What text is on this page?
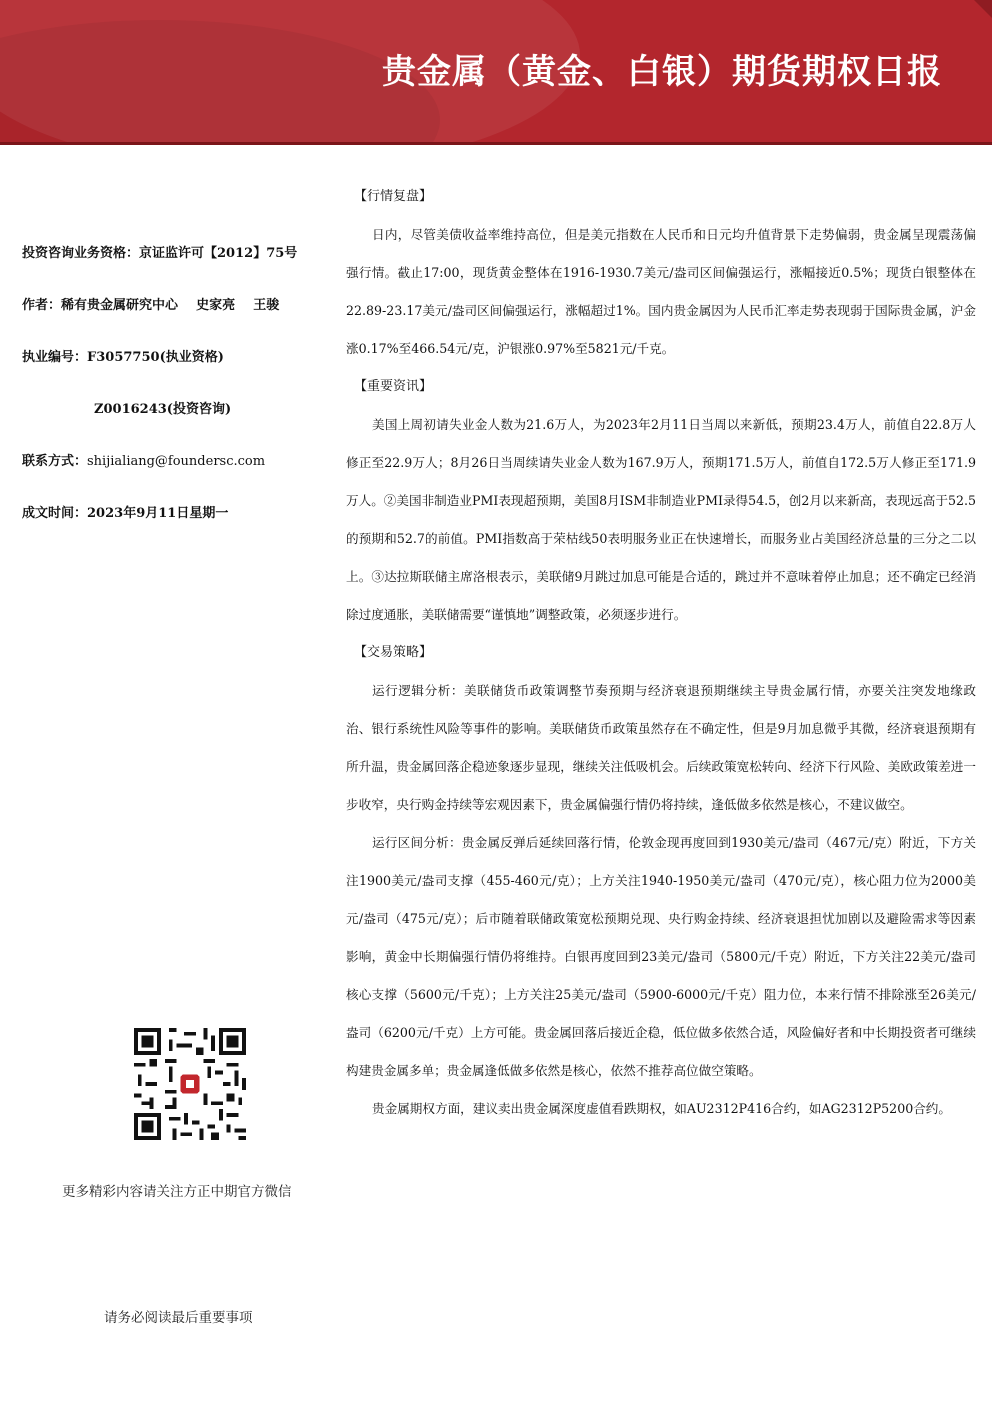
贵金属（黄金、白银）期货期权日报
投资咨询业务资格：京证监许可【2012】75号
作者：稀有贵金属研究中心    史家亮    王骏
执业编号：F3057750(执业资格)
Z0016243(投资咨询)
联系方式：shijialiang@foundersc.com
成文时间：2023年9月11日星期一
更多精彩内容请关注方正中期官方微信
请务必阅读最后重要事项
【行情复盘】

日内，尽管美债收益率维持高位，但是美元指数在人民币和日元均升值背景下走势偏弱，贵金属呈现震荡偏强行情。截止17:00，现货黄金整体在1916-1930.7美元/盎司区间偏强运行，涨幅接近0.5%；现货白银整体在22.89-23.17美元/盎司区间偏强运行，涨幅超过1%。国内贵金属因为人民币汇率走势表现弱于国际贵金属，沪金涨0.17%至466.54元/克，沪银涨0.97%至5821元/千克。

【重要资讯】

美国上周初请失业金人数为21.6万人，为2023年2月11日当周以来新低，预期23.4万人，前值自22.8万人修正至22.9万人；8月26日当周续请失业金人数为167.9万人，预期171.5万人，前值自172.5万人修正至171.9万人。②美国非制造业PMI表现超预期，美国8月ISM非制造业PMI录得54.5，创2月以来新高，表现远高于52.5的预期和52.7的前值。PMI指数高于荣枯线50表明服务业正在快速增长，而服务业占美国经济总量的三分之二以上。③达拉斯联储主席洛根表示，美联储9月跳过加息可能是合适的，跳过并不意味着停止加息；还不确定已经消除过度通胀，美联储需要“谨慎地”调整政策，必须逐步进行。

【交易策略】

运行逻辑分析：美联储货币政策调整节奏预期与经济衰退预期继续主导贵金属行情，亦要关注突发地缘政治、银行系统性风险等事件的影响。美联储货币政策虽然存在不确定性，但是9月加息微乎其微，经济衰退预期有所升温，贵金属回落企稳迹象逐步显现，继续关注低吸机会。后续政策宽松转向、经济下行风险、美欧政策差进一步收窄，央行购金持续等宏观因素下，贵金属偏强行情仍将持续，逢低做多依然是核心，不建议做空。

运行区间分析：贵金属反弹后延续回落行情，伦敦金现再度回到1930美元/盎司（467元/克）附近，下方关注1900美元/盎司支撑（455-460元/克）；上方关注1940-1950美元/盎司（470元/克），核心阻力位为2000美元/盎司（475元/克）；后市随着联储政策宽松预期兑现、央行购金持续、经济衰退担忧加剧以及避险需求等因素影响，黄金中长期偏强行情仍将维持。白银再度回到23美元/盎司（5800元/千克）附近，下方关注22美元/盎司核心支撑（5600元/千克）；上方关注25美元/盎司（5900-6000元/千克）阻力位，本来行情不排除涨至26美元/盎司（6200元/千克）上方可能。贵金属回落后接近企稳，低位做多依然合适，风险偏好者和中长期投资者可继续构建贵金属多单；贵金属逢低做多依然是核心，依然不推荐高位做空策略。

贵金属期权方面，建议卖出贵金属深度虚值看跌期权，如AU2312P416合约，如AG2312P5200合约。
